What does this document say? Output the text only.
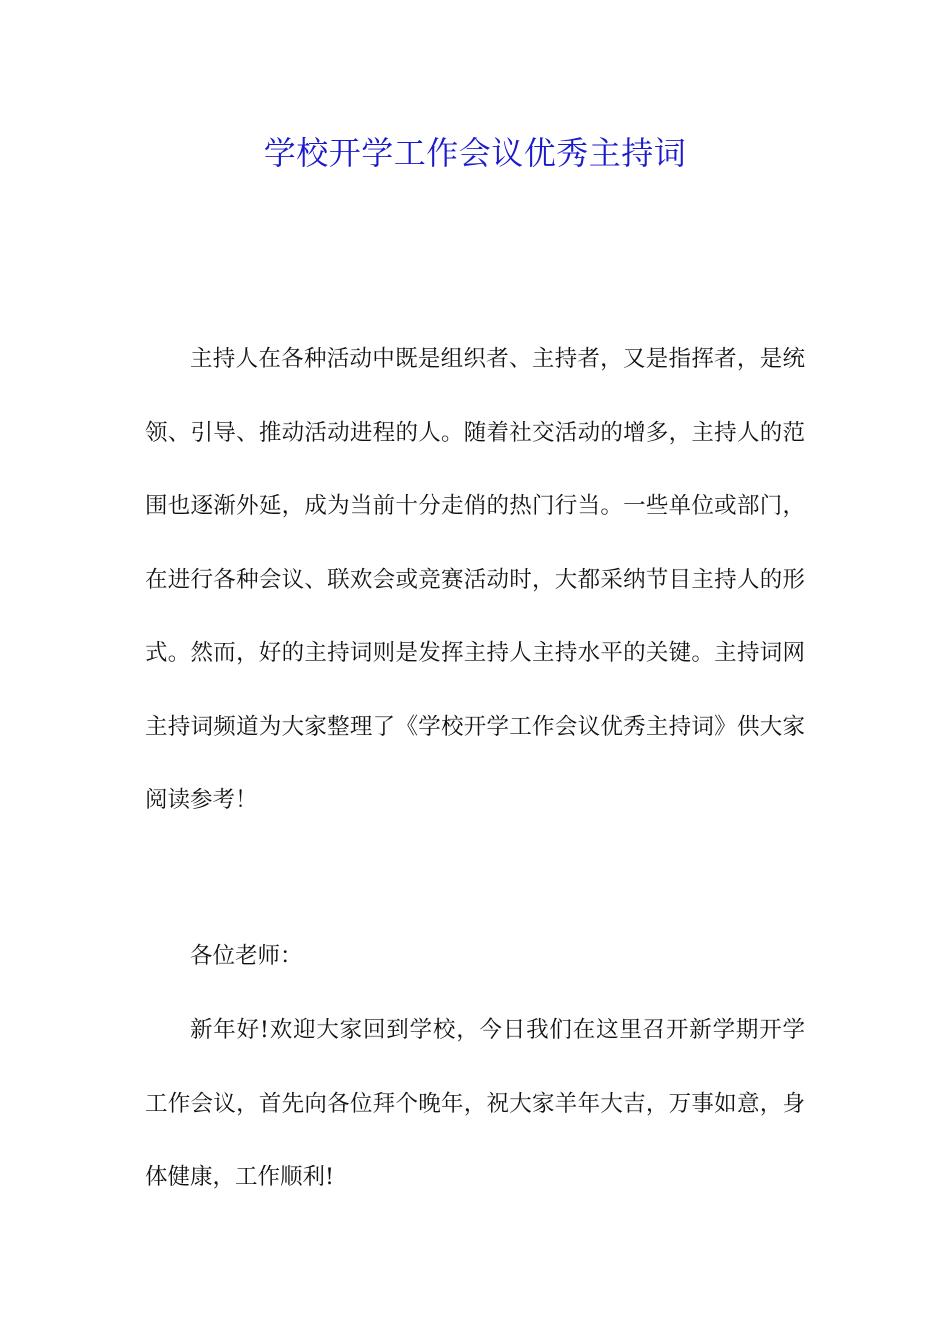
学校开学工作会议优秀主持词

主持人在各种活动中既是组织者、主持者，又是指挥者，是统领、引导、推动活动进程的人。随着社交活动的增多，主持人的范围也逐渐外延，成为当前十分走俏的热门行当。一些单位或部门，在进行各种会议、联欢会或竞赛活动时，大都采纳节目主持人的形式。然而，好的主持词则是发挥主持人主持水平的关键。主持词网主持词频道为大家整理了《学校开学工作会议优秀主持词》供大家阅读参考！

各位老师：

新年好!欢迎大家回到学校，今日我们在这里召开新学期开学工作会议，首先向各位拜个晚年，祝大家羊年大吉，万事如意，身体健康，工作顺利!
